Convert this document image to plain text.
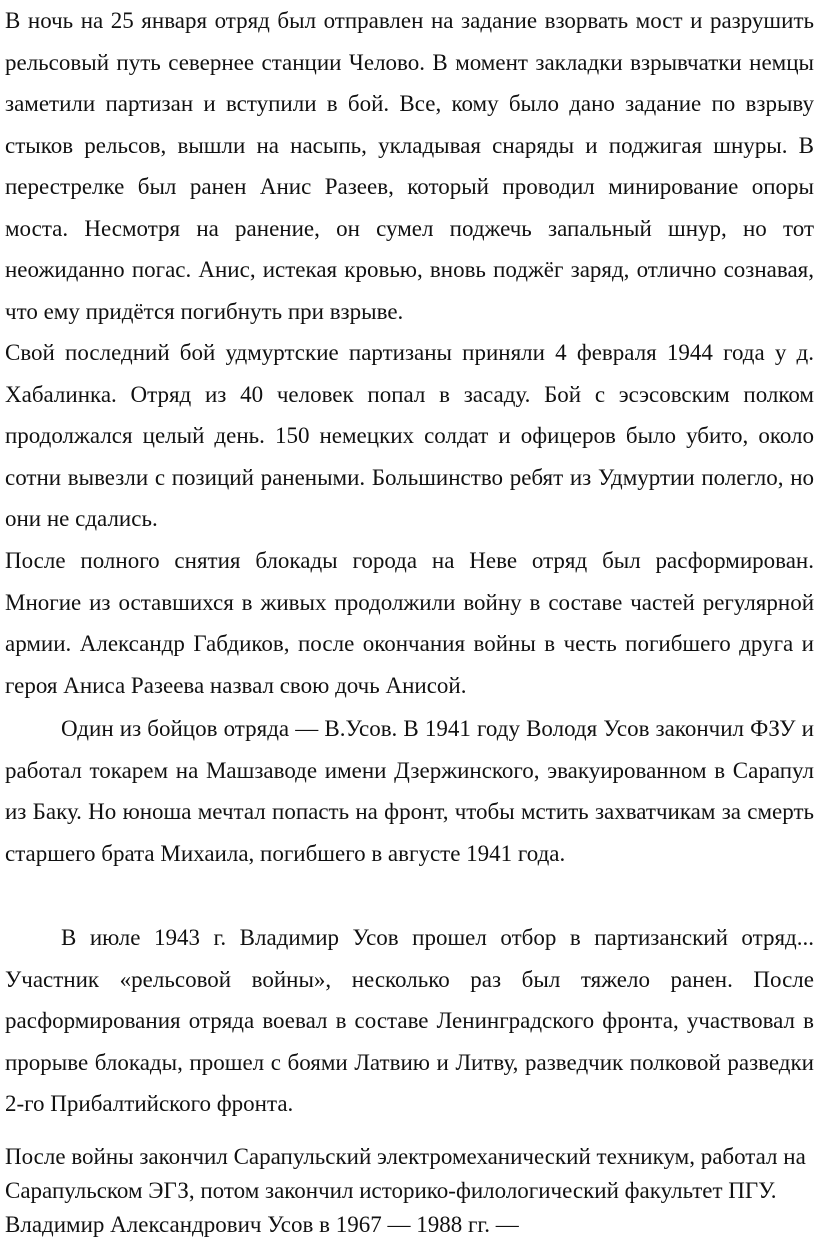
В ночь на 25 января отряд был отправлен на задание взорвать мост и разрушить рельсовый путь севернее станции Челово. В момент закладки взрывчатки немцы заметили партизан и вступили в бой. Все, кому было дано задание по взрыву стыков рельсов, вышли на насыпь, укладывая снаряды и поджигая шнуры. В перестрелке был ранен Анис Разеев, который проводил минирование опоры моста. Несмотря на ранение, он сумел поджечь запальный шнур, но тот неожиданно погас. Анис, истекая кровью, вновь поджёг заряд, отлично сознавая, что ему придётся погибнуть при взрыве.

Свой последний бой удмуртские партизаны приняли 4 февраля 1944 года у д. Хабалинка. Отряд из 40 человек попал в засаду. Бой с эсэсовским полком продолжался целый день. 150 немецких солдат и офицеров было убито, около сотни вывезли с позиций ранеными. Большинство ребят из Удмуртии полегло, но они не сдались.

После полного снятия блокады города на Неве отряд был расформирован. Многие из оставшихся в живых продолжили войну в составе частей регулярной армии. Александр Габдиков, после окончания войны в честь погибшего друга и героя Аниса Разеева назвал свою дочь Анисой.

Один из бойцов отряда — В.Усов. В 1941 году Володя Усов закончил ФЗУ и работал токарем на Машзаводе имени Дзержинского, эвакуированном в Сарапул из Баку. Но юноша мечтал попасть на фронт, чтобы мстить захватчикам за смерть старшего брата Михаила, погибшего в августе 1941 года.

В июле 1943 г. Владимир Усов прошел отбор в партизанский отряд... Участник «рельсовой войны», несколько раз был тяжело ранен. После расформирования отряда воевал в составе Ленинградского фронта, участвовал в прорыве блокады, прошел с боями Латвию и Литву, разведчик полковой разведки 2-го Прибалтийского фронта.

После войны закончил Сарапульский электромеханический техникум, работал на Сарапульском ЭГЗ, потом закончил историко-филологический факультет ПГУ. Владимир Александрович Усов в 1967 — 1988 гг. —
